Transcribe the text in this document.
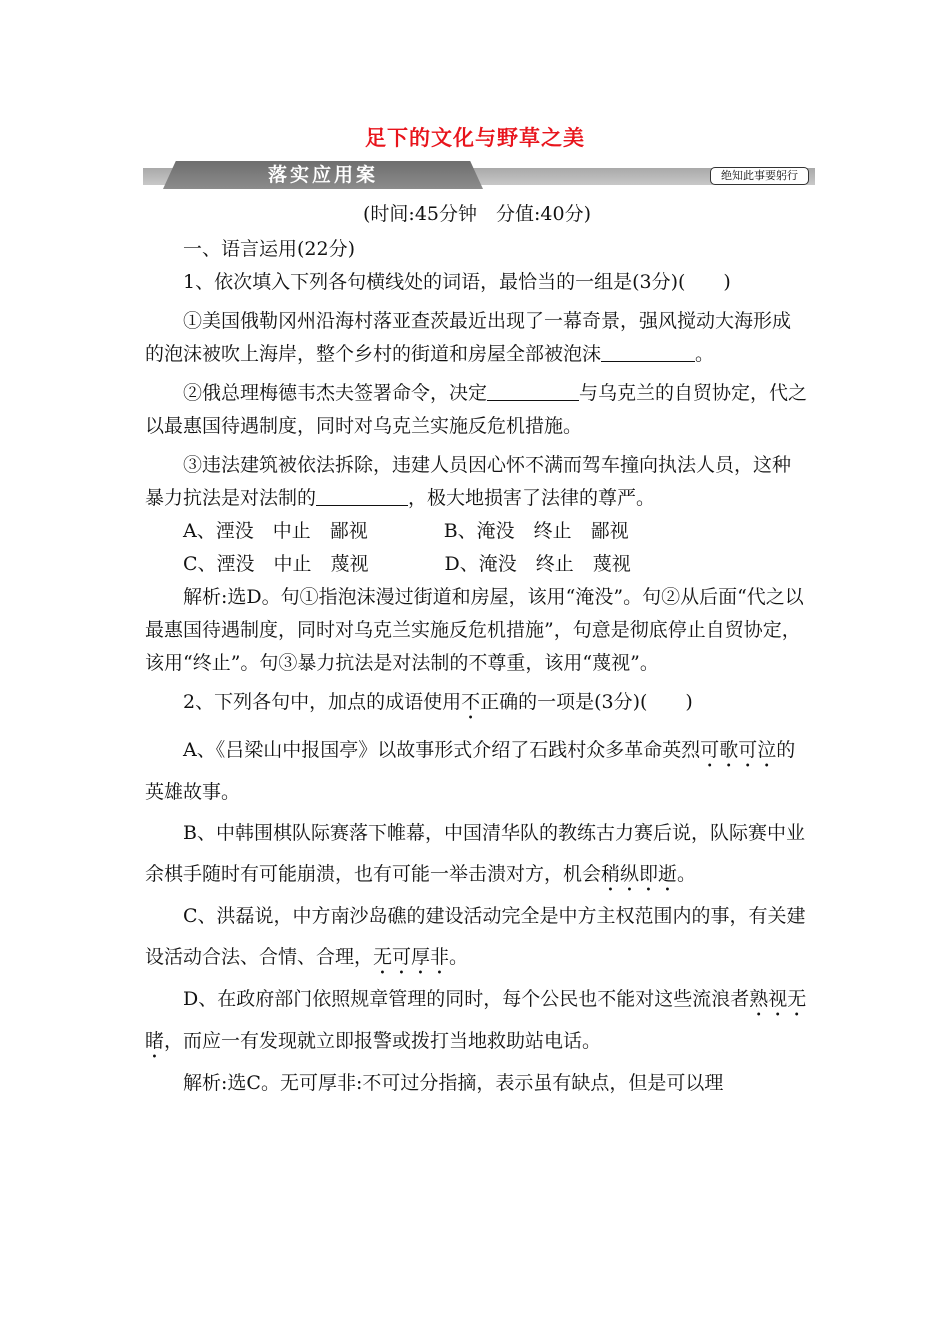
足下的文化与野草之美
落实应用案	绝知此事要躬行

(时间:45分钟　分值:40分)

一、语言运用(22分)

1、依次填入下列各句横线处的词语，最恰当的一组是(3分)(　　)

①美国俄勒冈州沿海村落亚查茨最近出现了一幕奇景，强风搅动大海形成的泡沫被吹上海岸，整个乡村的街道和房屋全部被泡沫	。

②俄总理梅德韦杰夫签署命令，决定	与乌克兰的自贸协定，代之以最惠国待遇制度，同时对乌克兰实施反危机措施。

③违法建筑被依法拆除，违建人员因心怀不满而驾车撞向执法人员，这种暴力抗法是对法制的	，极大地损害了法律的尊严。

A、湮没　中止　鄙视　　　　B、淹没　终止　鄙视

C、湮没　中止　蔑视　　　　D、淹没　终止　蔑视

解析:选D。句①指泡沫漫过街道和房屋，该用“淹没”。句②从后面“代之以最惠国待遇制度，同时对乌克兰实施反危机措施”，句意是彻底停止自贸协定，该用“终止”。句③暴力抗法是对法制的不尊重，该用“蔑视”。

2、下列各句中，加点的成语使用不正确的一项是(3分)(　　)

A、《吕梁山中报国亭》以故事形式介绍了石践村众多革命英烈可歌可泣的英雄故事。

B、中韩围棋队际赛落下帷幕，中国清华队的教练古力赛后说，队际赛中业余棋手随时有可能崩溃，也有可能一举击溃对方，机会稍纵即逝。

C、洪磊说，中方南沙岛礁的建设活动完全是中方主权范围内的事，有关建设活动合法、合情、合理，无可厚非。

D、在政府部门依照规章管理的同时，每个公民也不能对这些流浪者熟视无睹，而应一有发现就立即报警或拨打当地救助站电话。

解析:选C。无可厚非:不可过分指摘，表示虽有缺点，但是可以理
